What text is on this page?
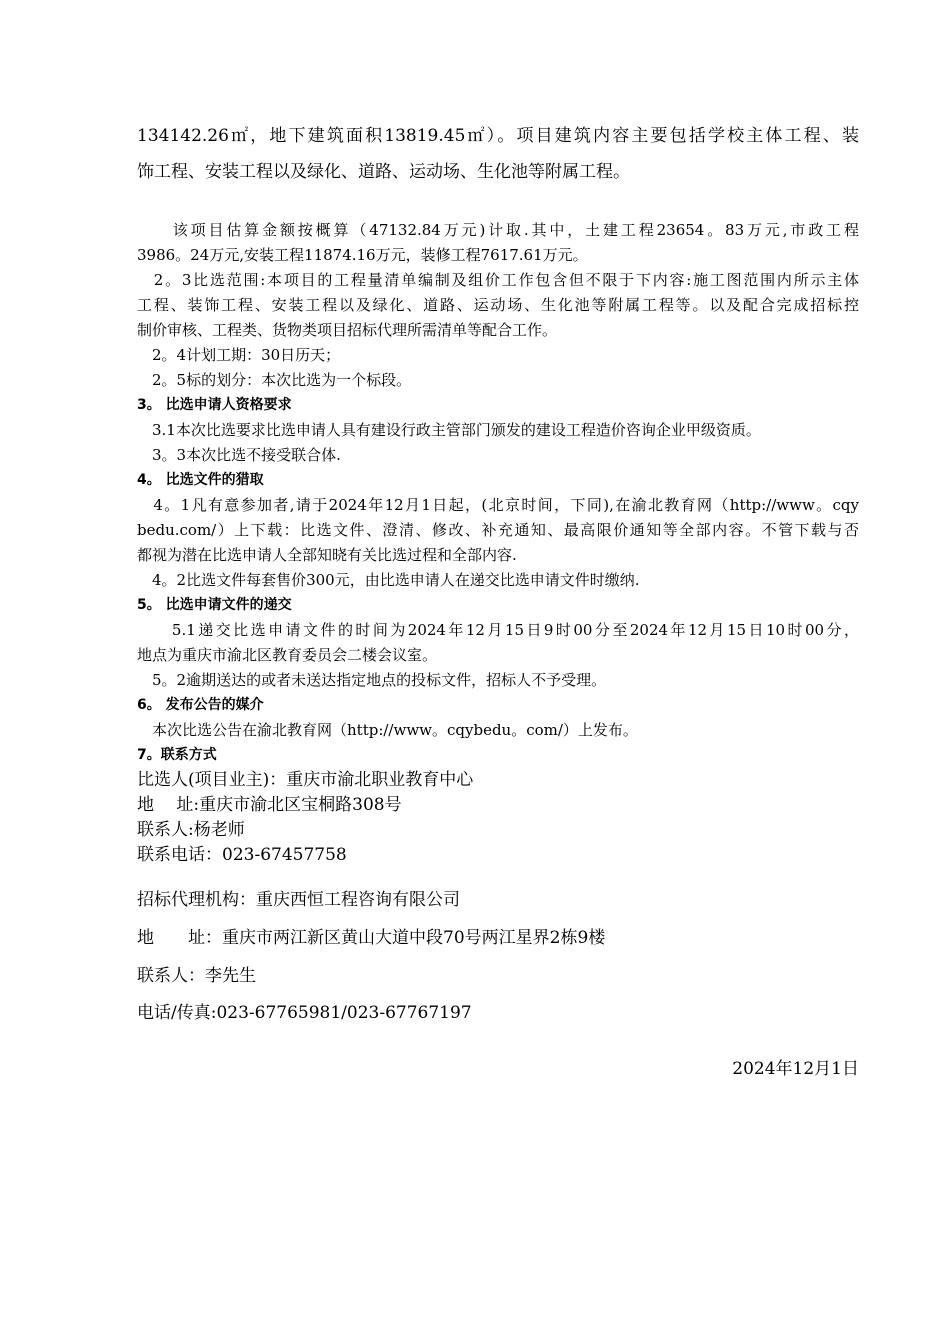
134142.26㎡，地下建筑面积13819.45㎡）。项目建筑内容主要包括学校主体工程、装
饰工程、安装工程以及绿化、道路、运动场、生化池等附属工程。
　　该项目估算金额按概算（47132.84万元)计取.其中，土建工程23654。83万元,市政工程
3986。24万元,安装工程11874.16万元，装修工程7617.61万元。
　2。3比选范围:本项目的工程量清单编制及组价工作包含但不限于下内容:施工图范围内所示主体
工程、装饰工程、安装工程以及绿化、道路、运动场、生化池等附属工程等。以及配合完成招标控
制价审核、工程类、货物类项目招标代理所需清单等配合工作。
　2。4计划工期：30日历天；
　2。5标的划分：本次比选为一个标段。
3。 比选申请人资格要求
　3.1本次比选要求比选申请人具有建设行政主管部门颁发的建设工程造价咨询企业甲级资质。
　3。3本次比选不接受联合体.
4。 比选文件的猎取
　4。1凡有意参加者,请于2024年12月1日起，(北京时间，下同),在渝北教育网（http://www。cqy
bedu.com/）上下载：比选文件、澄清、修改、补充通知、最高限价通知等全部内容。不管下载与否
都视为潜在比选申请人全部知晓有关比选过程和全部内容.
　4。2比选文件每套售价300元，由比选申请人在递交比选申请文件时缴纳.
5。 比选申请文件的递交
　　5.1递交比选申请文件的时间为2024年12月15日9时00分至2024年12月15日10时00分，
地点为重庆市渝北区教育委员会二楼会议室。
　5。2逾期送达的或者未送达指定地点的投标文件，招标人不予受理。
6。 发布公告的媒介
　本次比选公告在渝北教育网（http://www。cqybedu。com/）上发布。
7。联系方式
比选人(项目业主)：重庆市渝北职业教育中心
地　 址:重庆市渝北区宝桐路308号
联系人:杨老师
联系电话：023-67457758
招标代理机构：重庆西恒工程咨询有限公司
地　　址：重庆市两江新区黄山大道中段70号两江星界2栋9楼
联系人：李先生
电话/传真:023-67765981/023-67767197
2024年12月1日
